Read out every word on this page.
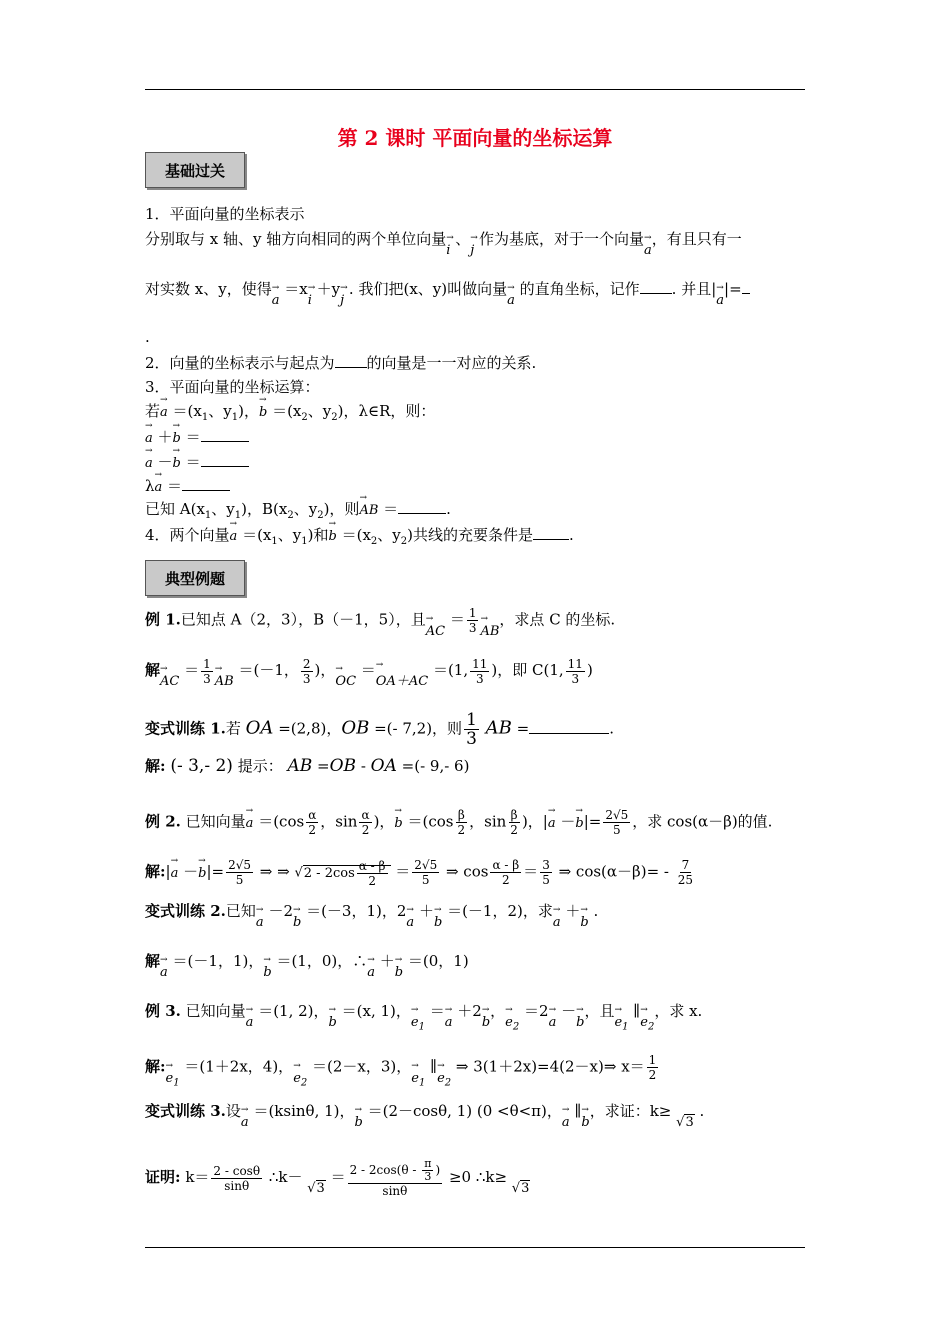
第 2 课时 平面向量的坐标运算
基础过关
1．平面向量的坐标表示
分别取与 x 轴、y 轴方向相同的两个单位向量→ i 、→ j 作为基底，对于一个向量→ a，有且只有一
对实数 x、y，使得→ a ＝x→ i ＋y→ j . 我们把(x、y)叫做向量→ a 的直角坐标，记作 . 并且|→ a|=
.
2．向量的坐标表示与起点为 的向量是一一对应的关系.
3．平面向量的坐标运算：
若→ $a =(x_1$、$y_1$)，→ $b =(x_2$、$y_2$)，λ∈R，则：
→ a ＋→ b ＝
→ a －→ b ＝
λ→ a ＝
已知 $A(x_1$、$y_1$)，$B(x_2$、$y_2$)，则→ AB ＝	.
4．两个向量→ $a =(x_1$、$y_1$)和→ $b =(x_2$、$y_2$)共线的充要条件是 .
典型例题
例 1.已知点 A（2，3），B（－1，5），且→ AC ＝ $\frac{1}{3}$ → AB，求点 C 的坐标.
解→ AC ＝ $\frac{1}{3}$ → AB ＝(－1， $\frac{2}{3}$ )，→ OC ＝→ OA＋AC ＝(1, $\frac{11}{3}$ )，即 C(1, $\frac{11}{3}$ )
变式训练 1.若 OA =(2,8)，OB =(- 7,2)，则 $\frac{1}{3}$ AB =	.
解: (- 3,- 2) 提示： AB =OB - OA =(- 9,- 6)
例 2. 已知向量→ $a =(\cos \frac{\alpha}{2}$ ，$\sin \frac{\alpha}{2}$ )，→ $b =(\cos \frac{\beta}{2}$ ，$\sin \frac{\beta}{2}$ )，|→ $a -\to b|= \frac{2√5}{5}$ ，求 cos(α－β)的值.
解:|→ $a -\to b|= \frac{2√5}{5}$ ⇒ ⇒ $√2 - 2\cos \frac{\alpha - \beta}{2} = \frac{2√5}{5}$ ⇒ $\cos \frac{\alpha - \beta}{2} = \frac{3}{5}$ ⇒ $\cos(\alpha-\beta)= - \frac{7}{25}$
变式训练 2.已知→ a －2→ b ＝(－3，1)，2→ a ＋→ b ＝(－1，2)，求→ a ＋→ b .
解→ a ＝(－1，1)，→ b ＝(1，0)，∴→ a ＋→ b ＝(0，1)
例 3. 已知向量→ a ＝(1, 2)，→ b ＝(x, 1)，→ $e_1 =\to a +2\to b$，→ $e_2 =2\to a -\to b$，且→ $e_1$ ∥→ $e_2$，求 x.
解:→ $e_1 =(1+2x$，4)，→ $e_2 =(2-x$，3)，→ $e_1$ ∥→ $e_2$ ⇒ 3(1＋2x)=4(2－x)⇒ $x= \frac{1}{2}$
变式训练 3.设→ a ＝(ksinθ, 1)，→ b ＝(2－cosθ, 1) (0 <θ<π)，→ a ∥→ b，求证：k≥ √3 .
证明: $k= \frac{2 - \cos\theta}{\sin\theta}$ ∴k－ $√3 = \frac{2 - 2\cos(\theta - \frac{\pi}{3} )}{\sin\theta} \ge 0$ ∴k≥ √3
